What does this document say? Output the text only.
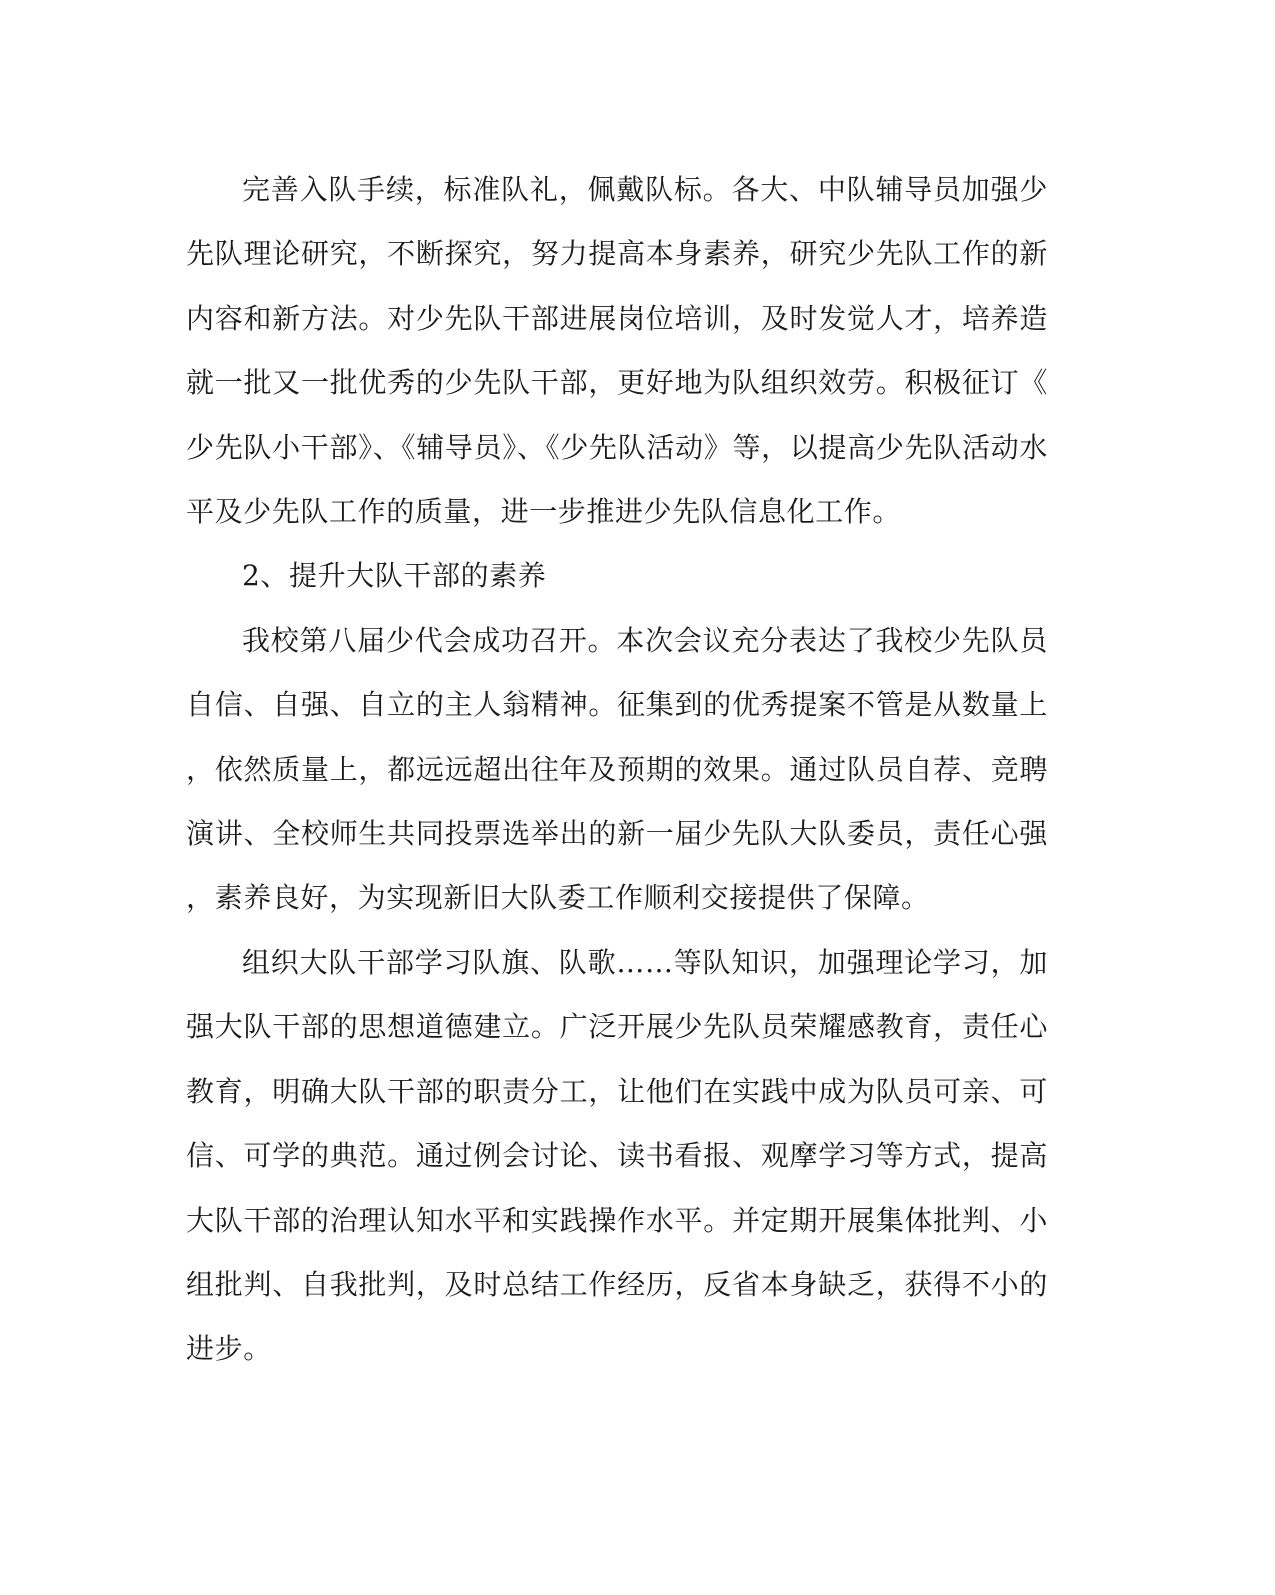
完善入队手续，标准队礼，佩戴队标。各大、中队辅导员加强少先队理论研究，不断探究，努力提高本身素养，研究少先队工作的新内容和新方法。对少先队干部进展岗位培训，及时发觉人才，培养造就一批又一批优秀的少先队干部，更好地为队组织效劳。积极征订《少先队小干部》、《辅导员》、《少先队活动》等，以提高少先队活动水平及少先队工作的质量，进一步推进少先队信息化工作。

2、提升大队干部的素养

我校第八届少代会成功召开。本次会议充分表达了我校少先队员自信、自强、自立的主人翁精神。征集到的优秀提案不管是从数量上，依然质量上，都远远超出往年及预期的效果。通过队员自荐、竞聘演讲、全校师生共同投票选举出的新一届少先队大队委员，责任心强，素养良好，为实现新旧大队委工作顺利交接提供了保障。

组织大队干部学习队旗、队歌……等队知识，加强理论学习，加强大队干部的思想道德建立。广泛开展少先队员荣耀感教育，责任心教育，明确大队干部的职责分工，让他们在实践中成为队员可亲、可信、可学的典范。通过例会讨论、读书看报、观摩学习等方式，提高大队干部的治理认知水平和实践操作水平。并定期开展集体批判、小组批判、自我批判，及时总结工作经历，反省本身缺乏，获得不小的进步。
